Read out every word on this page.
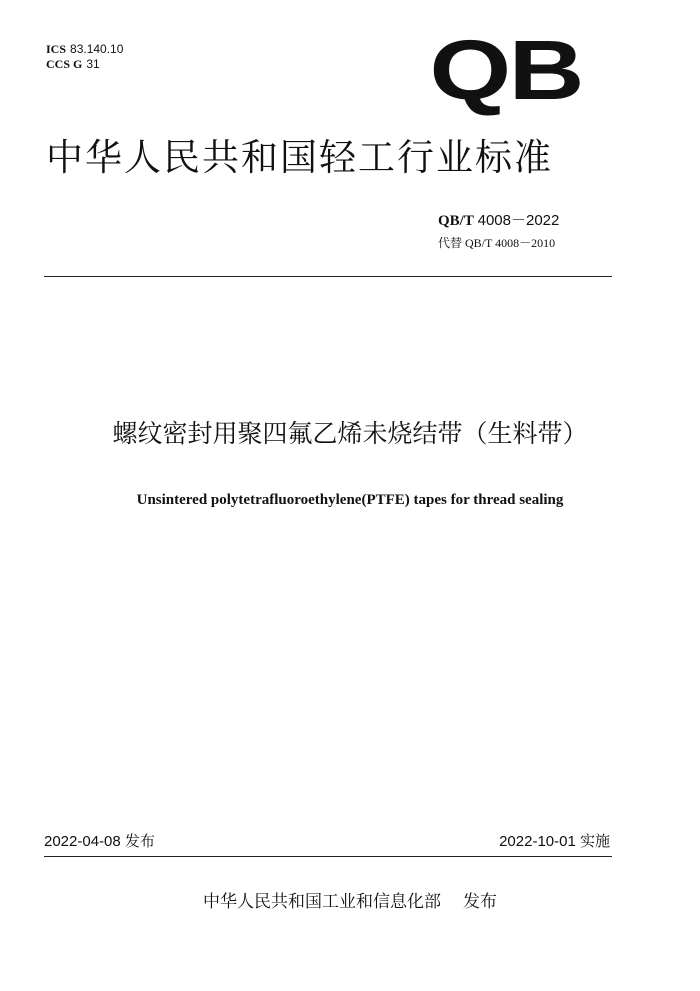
ICS 83.140.10
CCS G 31	QB
中华人民共和国轻工行业标准
QB/T 4008－2022
代替 QB/T 4008－2010
螺纹密封用聚四氟乙烯未烧结带（生料带）
Unsintered polytetrafluoroethylene(PTFE) tapes for thread sealing
2022-04-08 发布	2022-10-01 实施
中华人民共和国工业和信息化部 发布
